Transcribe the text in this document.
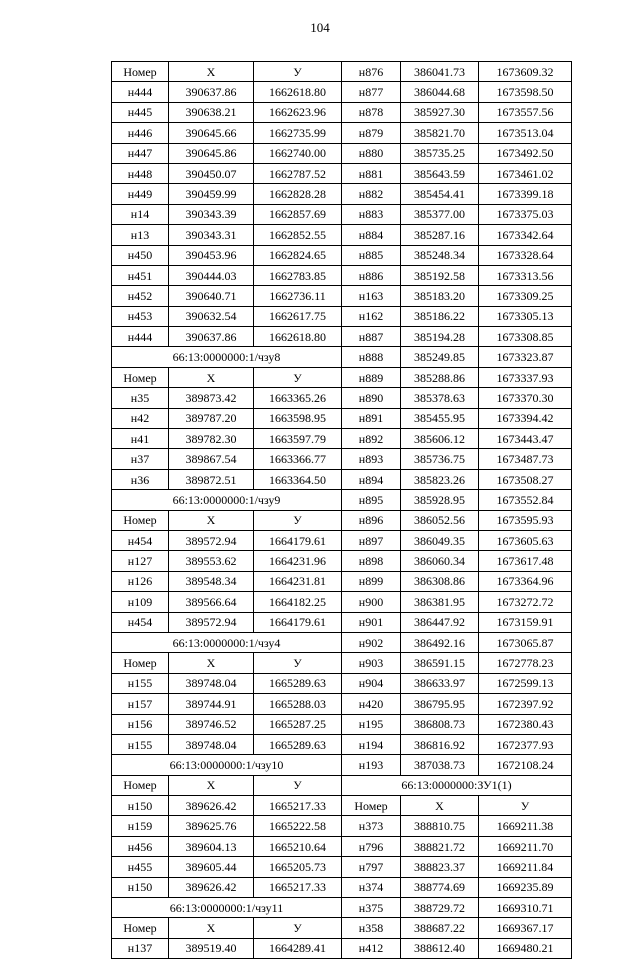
104
Номер	Х	У	н876	386041.73	1673609.32
н444	390637.86	1662618.80	н877	386044.68	1673598.50
н445	390638.21	1662623.96	н878	385927.30	1673557.56
н446	390645.66	1662735.99	н879	385821.70	1673513.04
н447	390645.86	1662740.00	н880	385735.25	1673492.50
н448	390450.07	1662787.52	н881	385643.59	1673461.02
н449	390459.99	1662828.28	н882	385454.41	1673399.18
н14	390343.39	1662857.69	н883	385377.00	1673375.03
н13	390343.31	1662852.55	н884	385287.16	1673342.64
н450	390453.96	1662824.65	н885	385248.34	1673328.64
н451	390444.03	1662783.85	н886	385192.58	1673313.56
н452	390640.71	1662736.11	н163	385183.20	1673309.25
н453	390632.54	1662617.75	н162	385186.22	1673305.13
н444	390637.86	1662618.80	н887	385194.28	1673308.85
66:13:0000000:1/чзу8			н888	385249.85	1673323.87
Номер	Х	У	н889	385288.86	1673337.93
н35	389873.42	1663365.26	н890	385378.63	1673370.30
н42	389787.20	1663598.95	н891	385455.95	1673394.42
н41	389782.30	1663597.79	н892	385606.12	1673443.47
н37	389867.54	1663366.77	н893	385736.75	1673487.73
н36	389872.51	1663364.50	н894	385823.26	1673508.27
66:13:0000000:1/чзу9			н895	385928.95	1673552.84
Номер	Х	У	н896	386052.56	1673595.93
н454	389572.94	1664179.61	н897	386049.35	1673605.63
н127	389553.62	1664231.96	н898	386060.34	1673617.48
н126	389548.34	1664231.81	н899	386308.86	1673364.96
н109	389566.64	1664182.25	н900	386381.95	1673272.72
н454	389572.94	1664179.61	н901	386447.92	1673159.91
66:13:0000000:1/чзу4			н902	386492.16	1673065.87
Номер	Х	У	н903	386591.15	1672778.23
н155	389748.04	1665289.63	н904	386633.97	1672599.13
н157	389744.91	1665288.03	н420	386795.95	1672397.92
н156	389746.52	1665287.25	н195	386808.73	1672380.43
н155	389748.04	1665289.63	н194	386816.92	1672377.93
66:13:0000000:1/чзу10			н193	387038.73	1672108.24
Номер	Х	У	66:13:0000000:ЗУ1(1)		
н150	389626.42	1665217.33	Номер	Х	У
н159	389625.76	1665222.58	н373	388810.75	1669211.38
н456	389604.13	1665210.64	н796	388821.72	1669211.70
н455	389605.44	1665205.73	н797	388823.37	1669211.84
н150	389626.42	1665217.33	н374	388774.69	1669235.89
66:13:0000000:1/чзу11			н375	388729.72	1669310.71
Номер	Х	У	н358	388687.22	1669367.17
н137	389519.40	1664289.41	н412	388612.40	1669480.21
